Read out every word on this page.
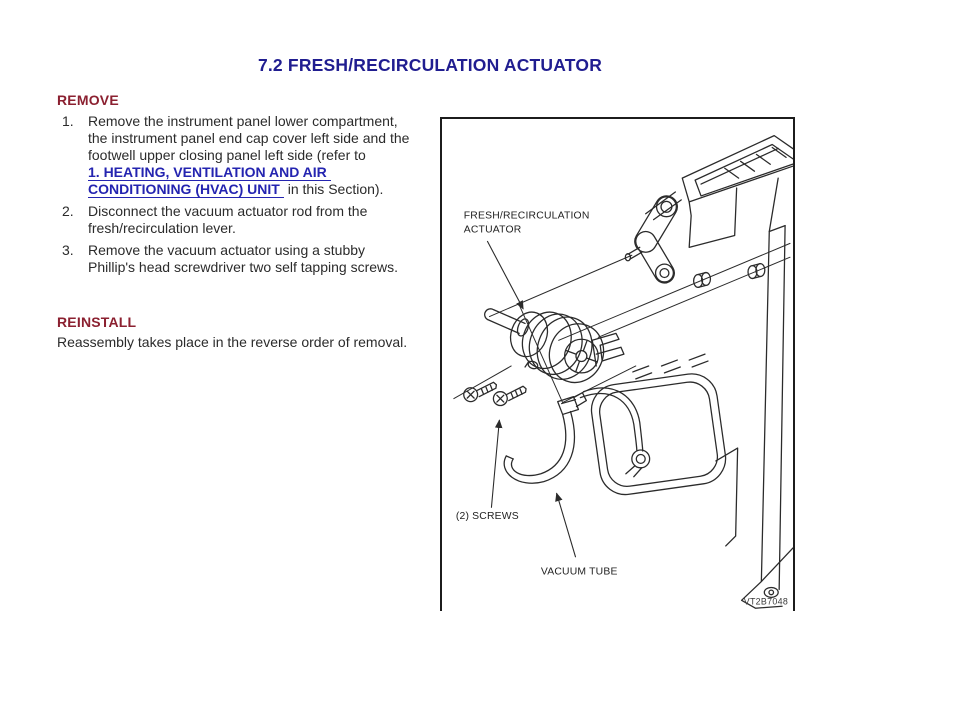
7.2 FRESH/RECIRCULATION ACTUATOR
REMOVE
1.	Remove the instrument panel lower compartment,
the instrument panel end cap cover left side and the
footwell upper closing panel left side (refer to
1. HEATING, VENTILATION AND AIR
CONDITIONING (HVAC) UNIT in this Section).
2.	Disconnect the vacuum actuator rod from the
fresh/recirculation lever.
3.	Remove the vacuum actuator using a stubby
Phillip's head screwdriver two self tapping screws.
REINSTALL
Reassembly takes place in the reverse order of removal.
FRESH/RECIRCULATION
ACTUATOR
(2) SCREWS
VACUUM TUBE
VT2B7048
